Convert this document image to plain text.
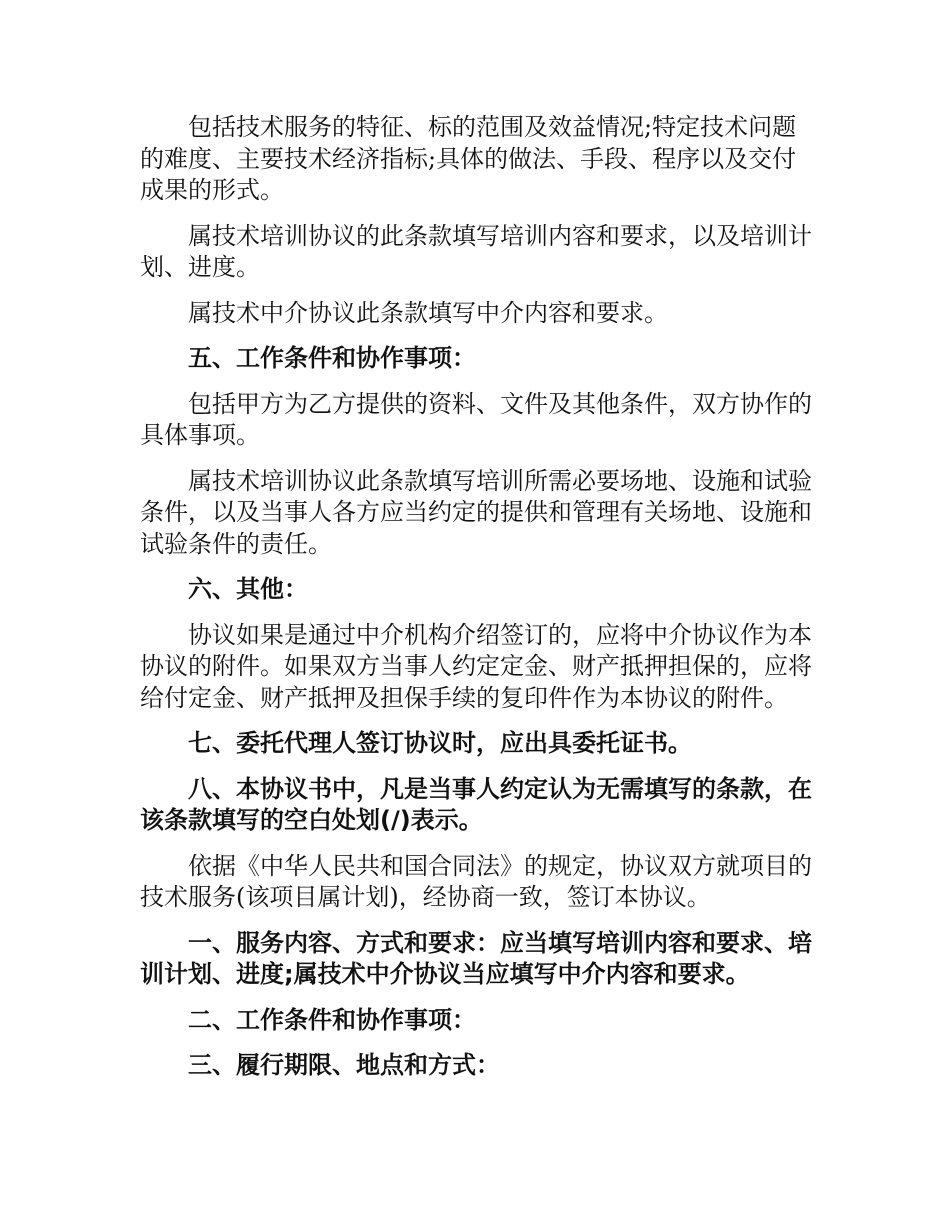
包括技术服务的特征、标的范围及效益情况;特定技术问题的难度、主要技术经济指标;具体的做法、手段、程序以及交付成果的形式。

属技术培训协议的此条款填写培训内容和要求，以及培训计划、进度。

属技术中介协议此条款填写中介内容和要求。

五、工作条件和协作事项：

包括甲方为乙方提供的资料、文件及其他条件，双方协作的具体事项。

属技术培训协议此条款填写培训所需必要场地、设施和试验条件，以及当事人各方应当约定的提供和管理有关场地、设施和试验条件的责任。

六、其他：

协议如果是通过中介机构介绍签订的，应将中介协议作为本协议的附件。如果双方当事人约定定金、财产抵押担保的，应将给付定金、财产抵押及担保手续的复印件作为本协议的附件。

七、委托代理人签订协议时，应出具委托证书。

八、本协议书中，凡是当事人约定认为无需填写的条款，在该条款填写的空白处划(/)表示。

依据《中华人民共和国合同法》的规定，协议双方就项目的技术服务(该项目属计划)，经协商一致，签订本协议。

一、服务内容、方式和要求：应当填写培训内容和要求、培训计划、进度;属技术中介协议当应填写中介内容和要求。

二、工作条件和协作事项：

三、履行期限、地点和方式：
